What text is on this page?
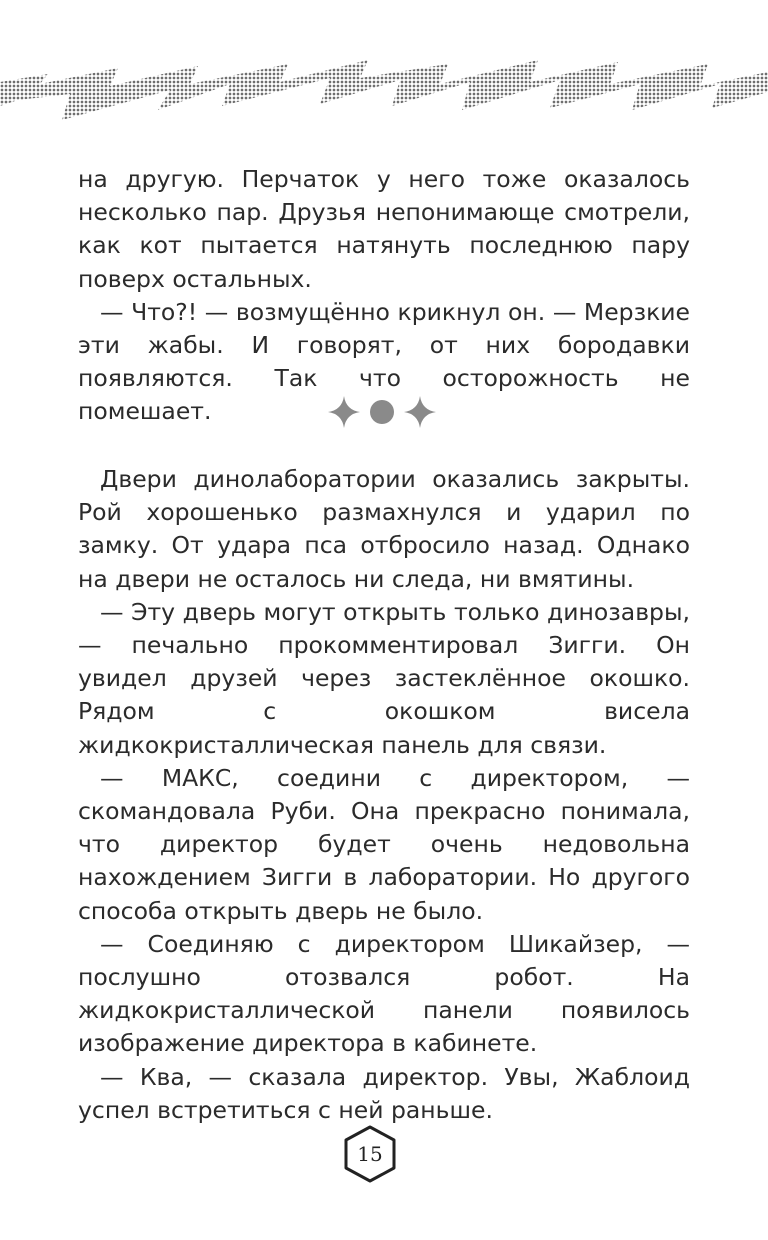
на другую. Перчаток у него тоже оказалось несколько пар. Друзья непонимающе смотрели, как кот пытается натянуть последнюю пару поверх остальных.

— Что?! — возмущённо крикнул он. — Мерзкие эти жабы. И говорят, от них бородавки появляются. Так что осторожность не помешает.

Двери динолаборатории оказались закрыты. Рой хорошенько размахнулся и ударил по замку. От удара пса отбросило назад. Однако на двери не осталось ни следа, ни вмятины.

— Эту дверь могут открыть только динозавры, — печально прокомментировал Зигги. Он увидел друзей через застеклённое окошко. Рядом с окошком висела жидкокристаллическая панель для связи.

— МАКС, соедини с директором, — скомандовала Руби. Она прекрасно понимала, что директор будет очень недовольна нахождением Зигги в лаборатории. Но другого способа открыть дверь не было.

— Соединяю с директором Шикайзер, — послушно отозвался робот. На жидкокристаллической панели появилось изображение директора в кабинете.

— Ква, — сказала директор. Увы, Жаблоид успел встретиться с ней раньше.

15
